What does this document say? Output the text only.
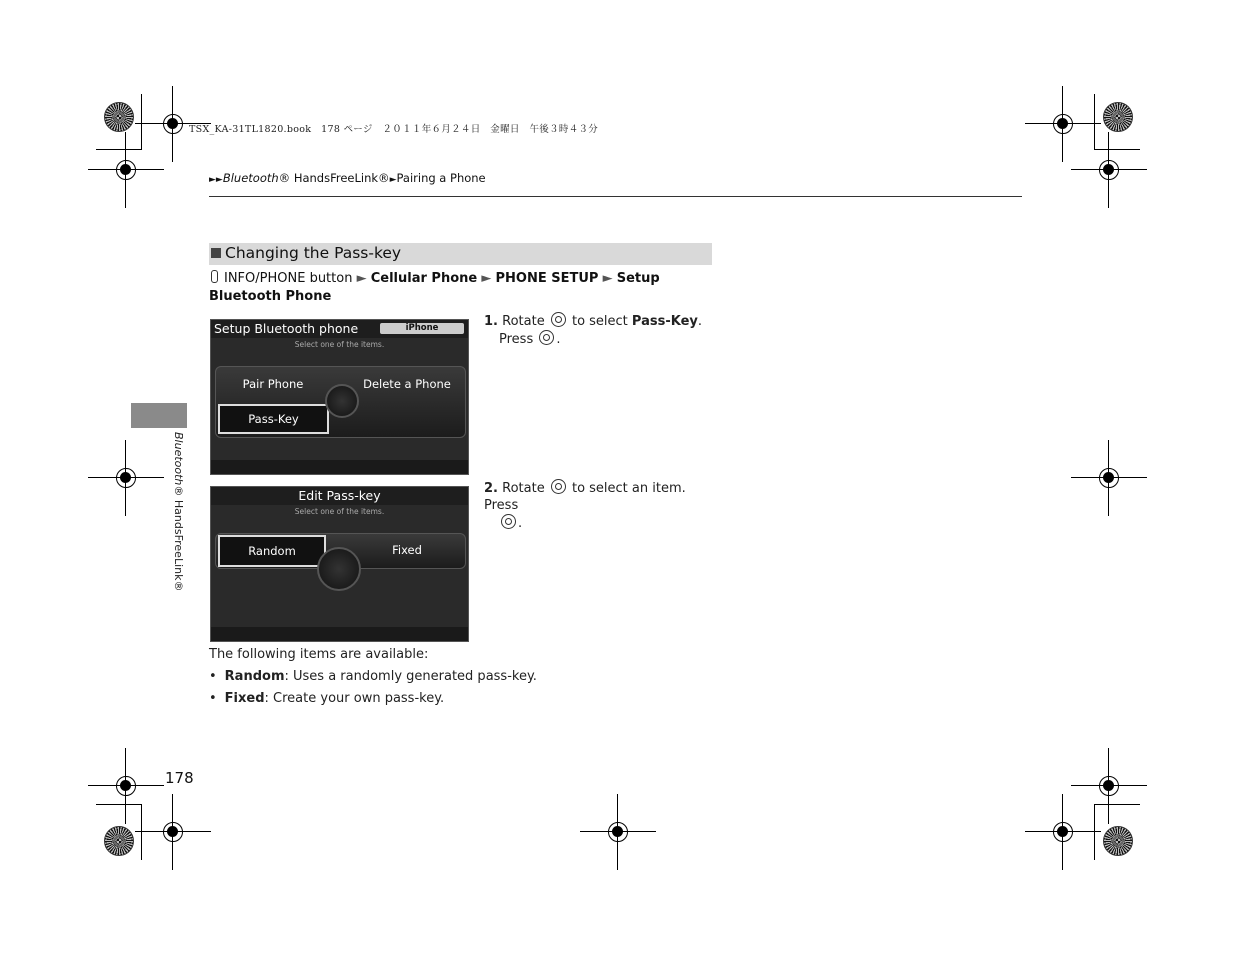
TSX_KA-31TL1820.book　178 ページ　２０１１年６月２４日　金曜日　午後３時４３分
►►Bluetooth® HandsFreeLink®►Pairing a Phone
Changing the Pass-key
INFO/PHONE button ► Cellular Phone ► PHONE SETUP ► Setup Bluetooth Phone
Setup Bluetooth phone	iPhone
Select one of the items.
Pair Phone	Delete a Phone
Pass-Key
Edit Pass-key
Select one of the items.
Random	Fixed
1. Rotate to select Pass-Key.
Press .
2. Rotate to select an item. Press
.
The following items are available:
• Random: Uses a randomly generated pass-key.
• Fixed: Create your own pass-key.
Bluetooth® HandsFreeLink®
178
